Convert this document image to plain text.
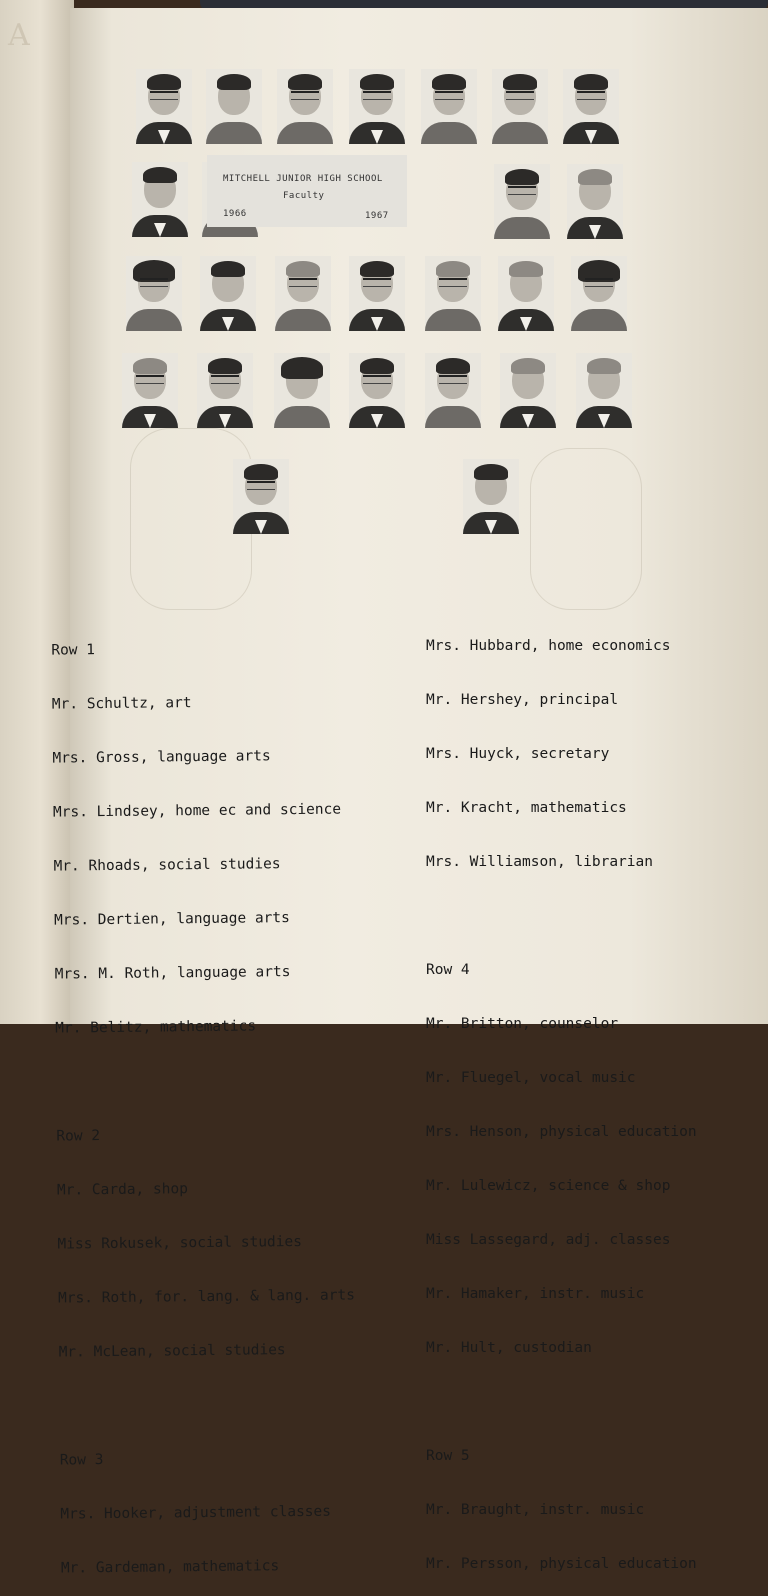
A
MITCHELL JUNIOR HIGH SCHOOL
Faculty
1966	1967

Row 1

Mr. Schultz, art

Mrs. Gross, language arts

Mrs. Lindsey, home ec and science

Mr. Rhoads, social studies

Mrs. Dertien, language arts

Mrs. M. Roth, language arts

Mr. Belitz, mathematics

Row 2

Mr. Carda, shop

Miss Rokusek, social studies

Mrs. Roth, for. lang. & lang. arts

Mr. McLean, social studies

Row 3

Mrs. Hooker, adjustment classes

Mr. Gardeman, mathematics

Mrs. Hubbard, home economics

Mr. Hershey, principal

Mrs. Huyck, secretary

Mr. Kracht, mathematics

Mrs. Williamson, librarian

Row 4

Mr. Britton, counselor

Mr. Fluegel, vocal music

Mrs. Henson, physical education

Mr. Lulewicz, science & shop

Miss Lassegard, adj. classes

Mr. Hamaker, instr. music

Mr. Hult, custodian

Row 5

Mr. Braught, instr. music

Mr. Persson, physical education
